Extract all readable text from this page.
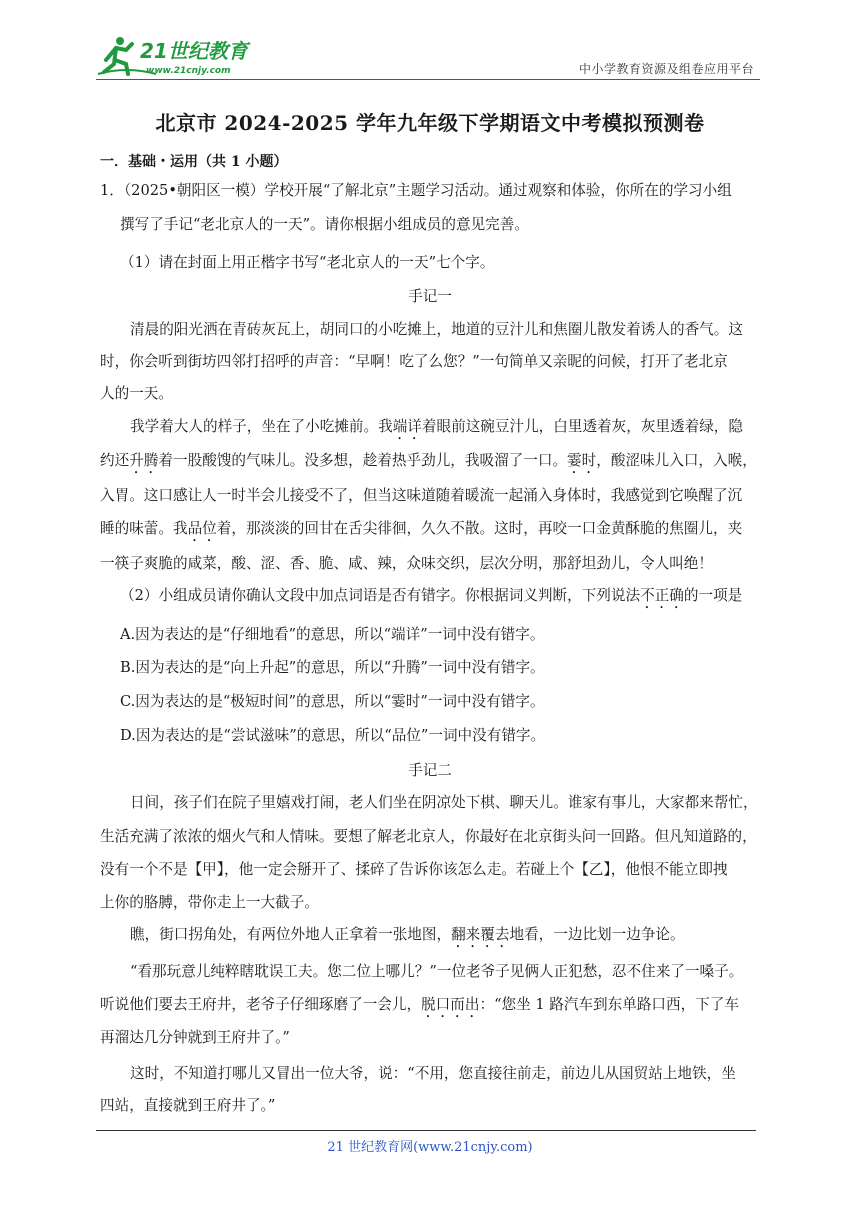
21世纪教育
www.21cnjy.com	中小学教育资源及组卷应用平台
北京市 2024-2025 学年九年级下学期语文中考模拟预测卷
一．基础・运用（共 1 小题）
1．（2025•朝阳区一模）学校开展“了解北京”主题学习活动。通过观察和体验，你所在的学习小组
撰写了手记“老北京人的一天”。请你根据小组成员的意见完善。
（1）请在封面上用正楷字书写“老北京人的一天”七个字。
手记一
清晨的阳光洒在青砖灰瓦上，胡同口的小吃摊上，地道的豆汁儿和焦圈儿散发着诱人的香气。这
时，你会听到街坊四邻打招呼的声音：“早啊！吃了么您？”一句简单又亲昵的问候，打开了老北京
人的一天。
我学着大人的样子，坐在了小吃摊前。我端详着眼前这碗豆汁儿，白里透着灰，灰里透着绿，隐
约还升腾着一股酸馊的气味儿。没多想，趁着热乎劲儿，我吸溜了一口。霎时，酸涩味儿入口，入喉，
入胃。这口感让人一时半会儿接受不了，但当这味道随着暖流一起涌入身体时，我感觉到它唤醒了沉
睡的味蕾。我品位着，那淡淡的回甘在舌尖徘徊，久久不散。这时，再咬一口金黄酥脆的焦圈儿，夹
一筷子爽脆的咸菜，酸、涩、香、脆、咸、辣，众味交织，层次分明，那舒坦劲儿，令人叫绝！
（2）小组成员请你确认文段中加点词语是否有错字。你根据词义判断，下列说法不正确的一项是
A.因为表达的是“仔细地看”的意思，所以“端详”一词中没有错字。
B.因为表达的是“向上升起”的意思，所以“升腾”一词中没有错字。
C.因为表达的是“极短时间”的意思，所以“霎时”一词中没有错字。
D.因为表达的是“尝试滋味”的意思，所以“品位”一词中没有错字。
手记二
日间，孩子们在院子里嬉戏打闹，老人们坐在阴凉处下棋、聊天儿。谁家有事儿，大家都来帮忙，
生活充满了浓浓的烟火气和人情味。要想了解老北京人，你最好在北京街头问一回路。但凡知道路的，
没有一个不是【甲】，他一定会掰开了、揉碎了告诉你该怎么走。若碰上个【乙】，他恨不能立即拽
上你的胳膊，带你走上一大截子。
瞧，街口拐角处，有两位外地人正拿着一张地图，翻来覆去地看，一边比划一边争论。
“看那玩意儿纯粹瞎耽误工夫。您二位上哪儿？”一位老爷子见俩人正犯愁，忍不住来了一嗓子。
听说他们要去王府井，老爷子仔细琢磨了一会儿，脱口而出：“您坐 1 路汽车到东单路口西，下了车
再溜达几分钟就到王府井了。”
这时，不知道打哪儿又冒出一位大爷，说：“不用，您直接往前走，前边儿从国贸站上地铁，坐
四站，直接就到王府井了。”
21 世纪教育网(www.21cnjy.com)
